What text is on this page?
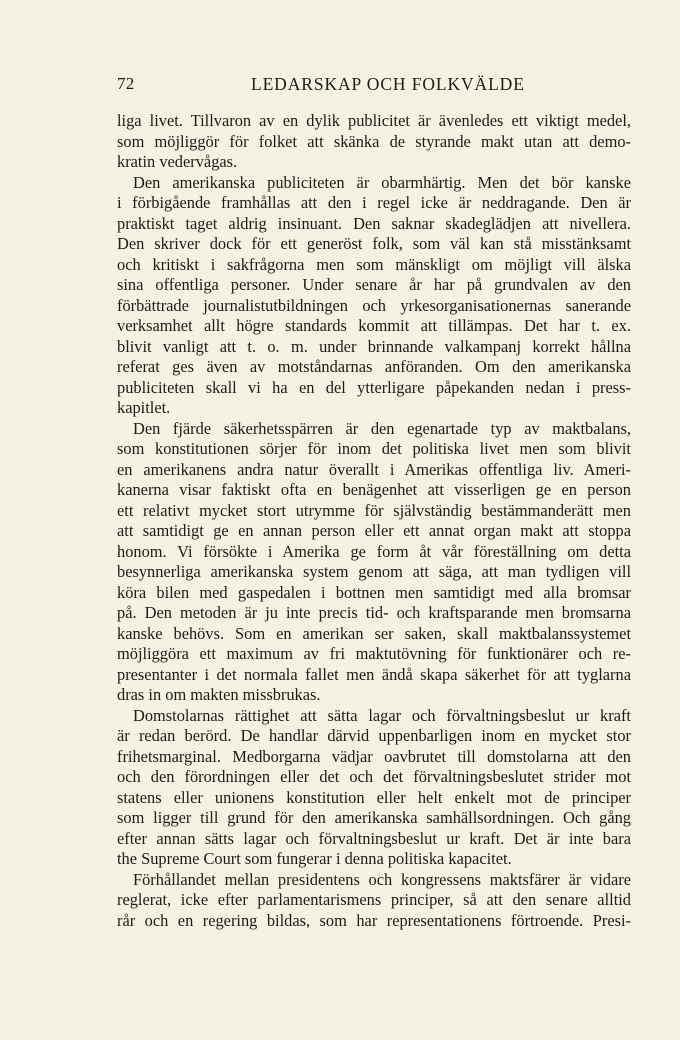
72	LEDARSKAP OCH FOLKVÄLDE
liga livet. Tillvaron av en dylik publicitet är ävenledes ett viktigt medel,
som möjliggör för folket att skänka de styrande makt utan att demo-
kratin vedervågas.
Den amerikanska publiciteten är obarmhärtig. Men det bör kanske
i förbigående framhållas att den i regel icke är neddragande. Den är
praktiskt taget aldrig insinuant. Den saknar skadeglädjen att nivellera.
Den skriver dock för ett generöst folk, som väl kan stå misstänksamt
och kritiskt i sakfrågorna men som mänskligt om möjligt vill älska
sina offentliga personer. Under senare år har på grundvalen av den
förbättrade journalistutbildningen och yrkesorganisationernas sanerande
verksamhet allt högre standards kommit att tillämpas. Det har t. ex.
blivit vanligt att t. o. m. under brinnande valkampanj korrekt hållna
referat ges även av motståndarnas anföranden. Om den amerikanska
publiciteten skall vi ha en del ytterligare påpekanden nedan i press-
kapitlet.
Den fjärde säkerhetsspärren är den egenartade typ av maktbalans,
som konstitutionen sörjer för inom det politiska livet men som blivit
en amerikanens andra natur överallt i Amerikas offentliga liv. Ameri-
kanerna visar faktiskt ofta en benägenhet att visserligen ge en person
ett relativt mycket stort utrymme för självständig bestämmanderätt men
att samtidigt ge en annan person eller ett annat organ makt att stoppa
honom. Vi försökte i Amerika ge form åt vår föreställning om detta
besynnerliga amerikanska system genom att säga, att man tydligen vill
köra bilen med gaspedalen i bottnen men samtidigt med alla bromsar
på. Den metoden är ju inte precis tid- och kraftsparande men bromsarna
kanske behövs. Som en amerikan ser saken, skall maktbalanssystemet
möjliggöra ett maximum av fri maktutövning för funktionärer och re-
presentanter i det normala fallet men ändå skapa säkerhet för att tyglarna
dras in om makten missbrukas.
Domstolarnas rättighet att sätta lagar och förvaltningsbeslut ur kraft
är redan berörd. De handlar därvid uppenbarligen inom en mycket stor
frihetsmarginal. Medborgarna vädjar oavbrutet till domstolarna att den
och den förordningen eller det och det förvaltningsbeslutet strider mot
statens eller unionens konstitution eller helt enkelt mot de principer
som ligger till grund för den amerikanska samhällsordningen. Och gång
efter annan sätts lagar och förvaltningsbeslut ur kraft. Det är inte bara
the Supreme Court som fungerar i denna politiska kapacitet.
Förhållandet mellan presidentens och kongressens maktsfärer är vidare
reglerat, icke efter parlamentarismens principer, så att den senare alltid
rår och en regering bildas, som har representationens förtroende. Presi-
